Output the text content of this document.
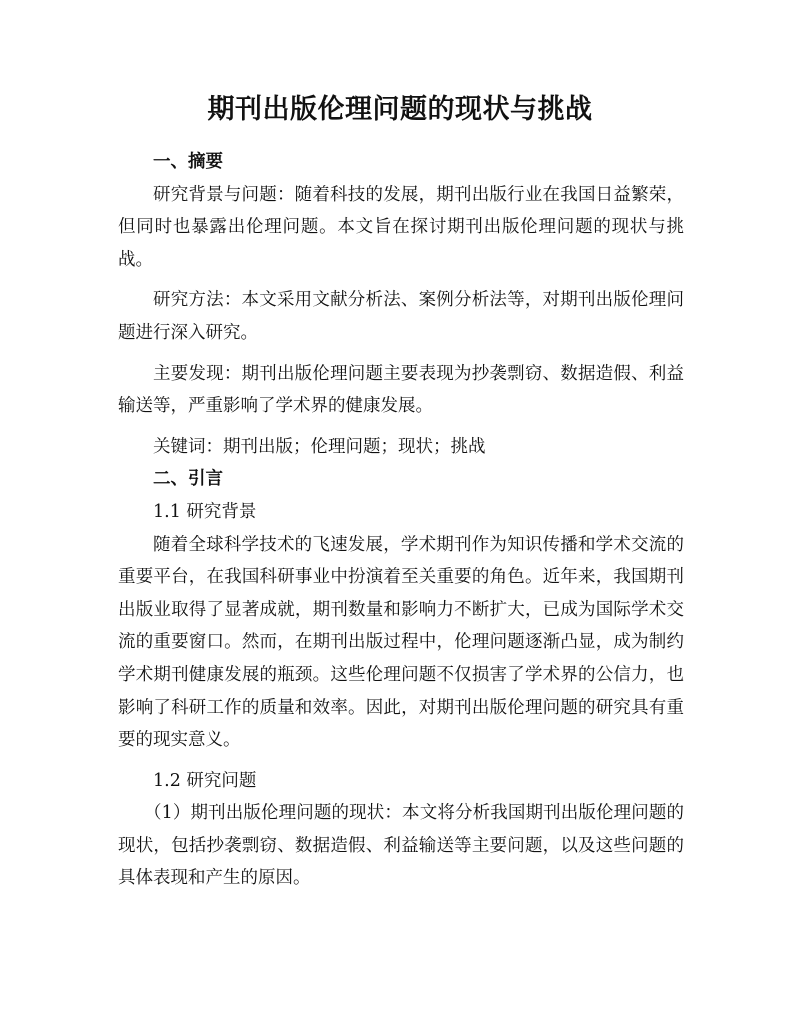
期刊出版伦理问题的现状与挑战
一、摘要

研究背景与问题：随着科技的发展，期刊出版行业在我国日益繁荣，但同时也暴露出伦理问题。本文旨在探讨期刊出版伦理问题的现状与挑战。

研究方法：本文采用文献分析法、案例分析法等，对期刊出版伦理问题进行深入研究。

主要发现：期刊出版伦理问题主要表现为抄袭剽窃、数据造假、利益输送等，严重影响了学术界的健康发展。

关键词：期刊出版；伦理问题；现状；挑战

二、引言
1.1 研究背景

随着全球科学技术的飞速发展，学术期刊作为知识传播和学术交流的重要平台，在我国科研事业中扮演着至关重要的角色。近年来，我国期刊出版业取得了显著成就，期刊数量和影响力不断扩大，已成为国际学术交流的重要窗口。然而，在期刊出版过程中，伦理问题逐渐凸显，成为制约学术期刊健康发展的瓶颈。这些伦理问题不仅损害了学术界的公信力，也影响了科研工作的质量和效率。因此，对期刊出版伦理问题的研究具有重要的现实意义。

1.2 研究问题

（1）期刊出版伦理问题的现状：本文将分析我国期刊出版伦理问题的现状，包括抄袭剽窃、数据造假、利益输送等主要问题，以及这些问题的具体表现和产生的原因。
